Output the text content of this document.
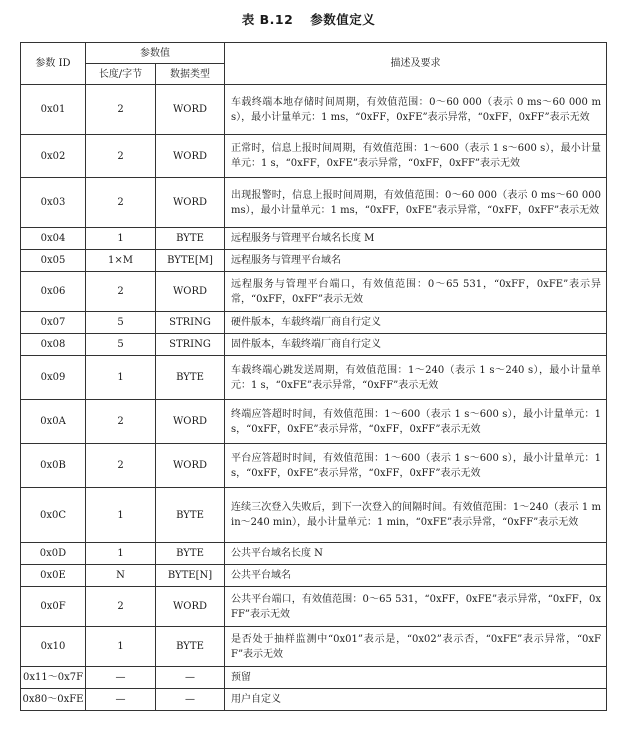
表 B.12 参数值定义
参数 ID	参数值		描述及要求
	长度/字节	数据类型	
0x01	2	WORD	车载终端本地存储时间周期，有效值范围：0～60 000（表示 0 ms～60 000 ms），最小计量单元：1 ms，“0xFF，0xFE”表示异常，“0xFF，0xFF”表示无效
0x02	2	WORD	正常时，信息上报时间周期，有效值范围：1～600（表示 1 s～600 s），最小计量单元：1 s，“0xFF，0xFE”表示异常，“0xFF，0xFF”表示无效
0x03	2	WORD	出现报警时，信息上报时间周期，有效值范围：0～60 000（表示 0 ms～60 000 ms），最小计量单元：1 ms，“0xFF，0xFE”表示异常，“0xFF，0xFF”表示无效
0x04	1	BYTE	远程服务与管理平台域名长度 M
0x05	1×M	BYTE[M]	远程服务与管理平台域名
0x06	2	WORD	远程服务与管理平台端口，有效值范围：0～65 531，“0xFF，0xFE”表示异常，“0xFF，0xFF”表示无效
0x07	5	STRING	硬件版本，车载终端厂商自行定义
0x08	5	STRING	固件版本，车载终端厂商自行定义
0x09	1	BYTE	车载终端心跳发送周期，有效值范围：1～240（表示 1 s～240 s），最小计量单元：1 s，“0xFE”表示异常，“0xFF”表示无效
0x0A	2	WORD	终端应答超时时间，有效值范围：1～600（表示 1 s～600 s），最小计量单元：1 s，“0xFF，0xFE”表示异常，“0xFF，0xFF”表示无效
0x0B	2	WORD	平台应答超时时间，有效值范围：1～600（表示 1 s～600 s），最小计量单元：1 s，“0xFF，0xFE”表示异常，“0xFF，0xFF”表示无效
0x0C	1	BYTE	连续三次登入失败后，到下一次登入的间隔时间。有效值范围：1～240（表示 1 min～240 min），最小计量单元：1 min，“0xFE”表示异常，“0xFF”表示无效
0x0D	1	BYTE	公共平台域名长度 N
0x0E	N	BYTE[N]	公共平台域名
0x0F	2	WORD	公共平台端口，有效值范围：0～65 531，“0xFF，0xFE”表示异常，“0xFF，0xFF”表示无效
0x10	1	BYTE	是否处于抽样监测中“0x01”表示是，“0x02”表示否，“0xFE”表示异常，“0xFF”表示无效
0x11～0x7F	—	—	预留
0x80～0xFE	—	—	用户自定义
